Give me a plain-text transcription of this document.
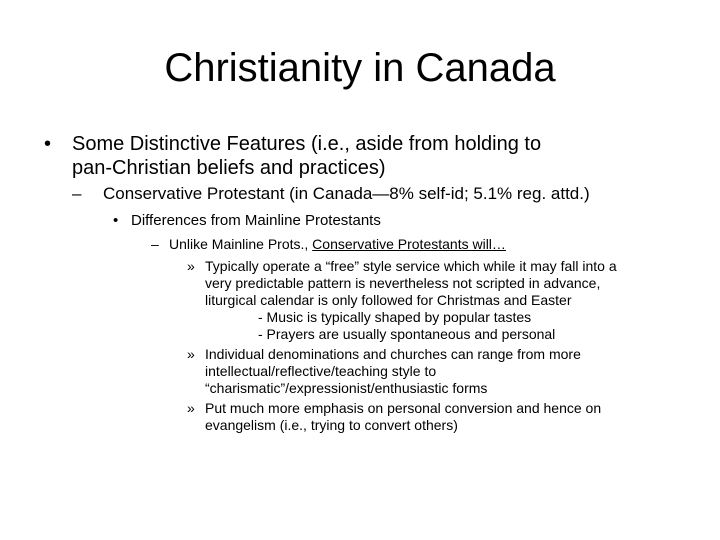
Christianity in Canada
• Some Distinctive Features (i.e., aside from holding to
pan-Christian beliefs and practices)
– Conservative Protestant (in Canada—8% self-id; 5.1% reg. attd.)
• Differences from Mainline Protestants
– Unlike Mainline Prots., Conservative Protestants will…
» Typically operate a “free” style service which while it may fall into a
very predictable pattern is nevertheless not scripted in advance,
liturgical calendar is only followed for Christmas and Easter
- Music is typically shaped by popular tastes
- Prayers are usually spontaneous and personal
» Individual denominations and churches can range from more
intellectual/reflective/teaching style to
“charismatic”/expressionist/enthusiastic forms
» Put much more emphasis on personal conversion and hence on
evangelism (i.e., trying to convert others)
